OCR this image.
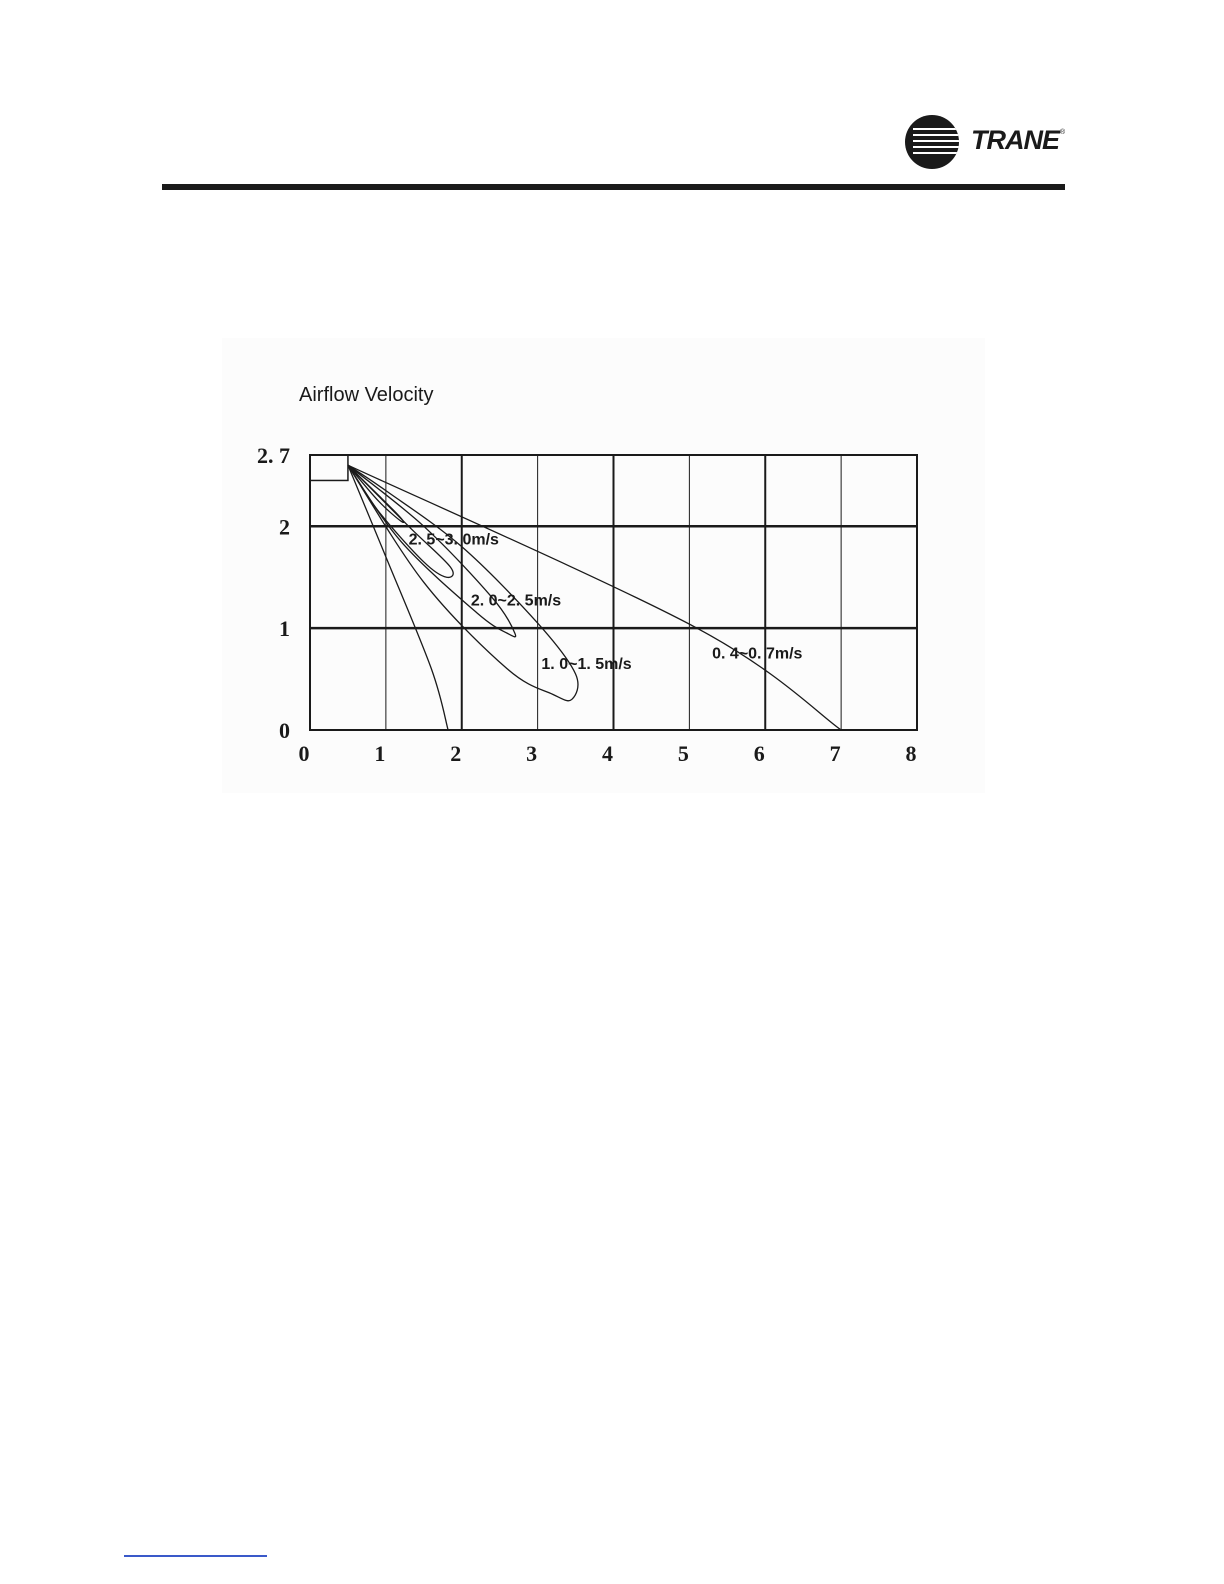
TRANE ®
Airflow Velocity
0	1	2	3	4	5	6	7	8
0
1
2
2. 7
2. 5~3. 0m/s
2. 0~2. 5m/s
1. 0~1. 5m/s
0. 4~0. 7m/s
